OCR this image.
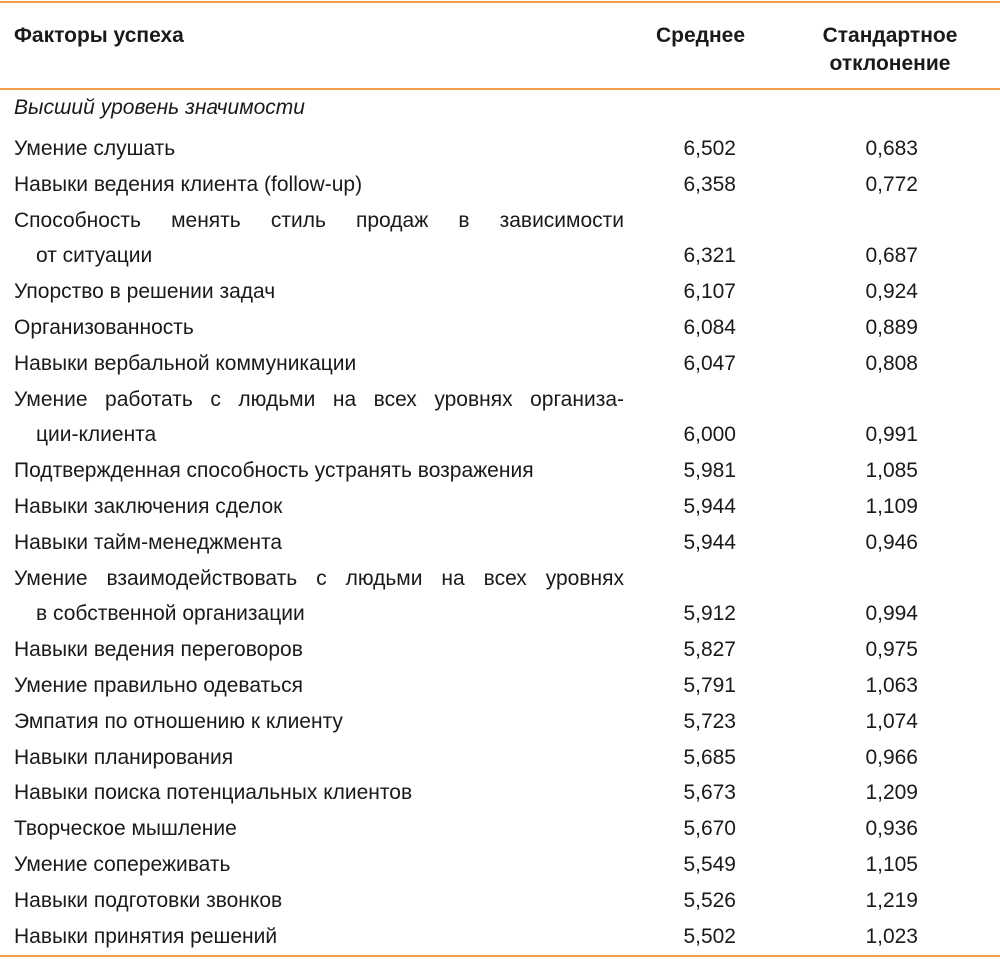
Факторы успеха	Среднее	Стандартное
отклонение
Высший уровень значимости
Умение слушать	6,502	0,683
Навыки ведения клиента (follow-up)	6,358	0,772
Способность менять стиль продаж в зависимости
от ситуации	6,321	0,687
Упорство в решении задач	6,107	0,924
Организованность	6,084	0,889
Навыки вербальной коммуникации	6,047	0,808
Умение работать с людьми на всех уровнях организа-
ции-клиента	6,000	0,991
Подтвержденная способность устранять возражения	5,981	1,085
Навыки заключения сделок	5,944	1,109
Навыки тайм-менеджмента	5,944	0,946
Умение взаимодействовать с людьми на всех уровнях
в собственной организации	5,912	0,994
Навыки ведения переговоров	5,827	0,975
Умение правильно одеваться	5,791	1,063
Эмпатия по отношению к клиенту	5,723	1,074
Навыки планирования	5,685	0,966
Навыки поиска потенциальных клиентов	5,673	1,209
Творческое мышление	5,670	0,936
Умение сопереживать	5,549	1,105
Навыки подготовки звонков	5,526	1,219
Навыки принятия решений	5,502	1,023
